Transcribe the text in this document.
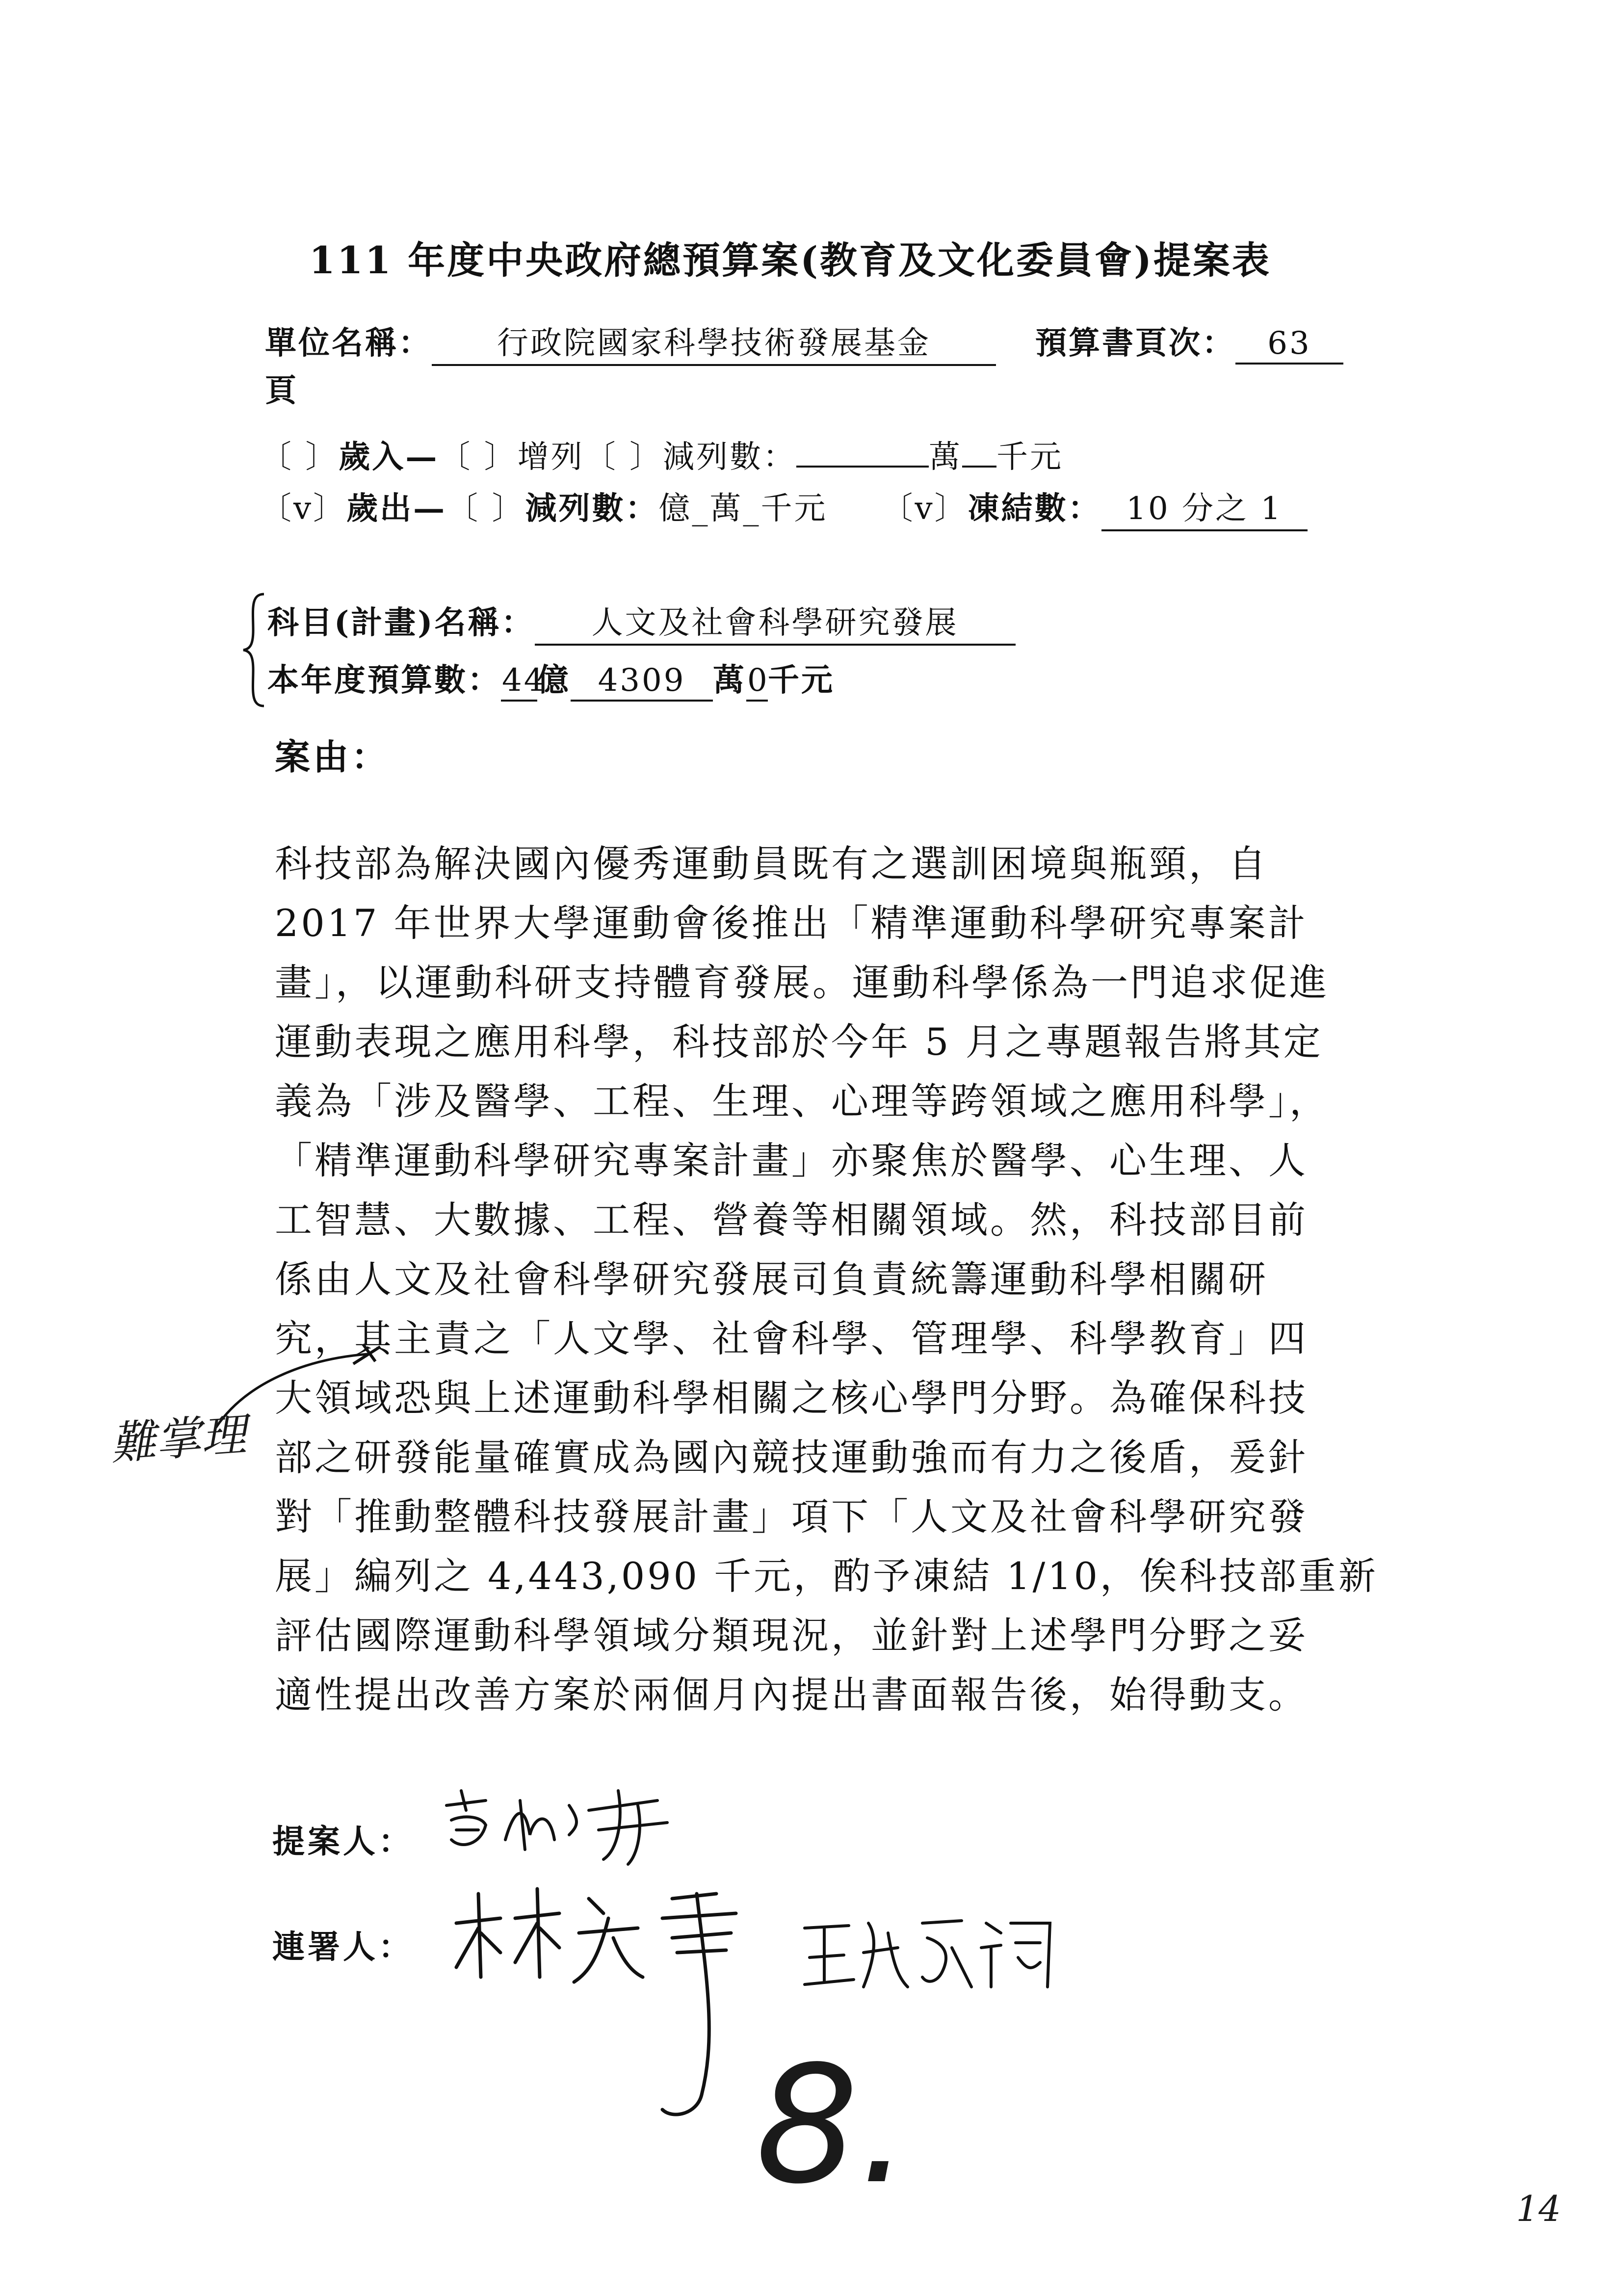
111 年度中央政府總預算案(教育及文化委員會)提案表
單位名稱： 行政院國家科學技術發展基金	預算書頁次： 63
頁
〔 〕歲入—〔 〕增列〔 〕減列數：	萬 千元
〔v〕歲出—〔 〕減列數：億_萬_千元 〔v〕凍結數： 10 分之 1
科目(計畫)名稱： 人文及社會科學研究發展
本年度預算數：44億 4309 萬0千元
案由：

科技部為解決國內優秀運動員既有之選訓困境與瓶頸，自

2017 年世界大學運動會後推出「精準運動科學研究專案計

畫」，以運動科研支持體育發展。運動科學係為一門追求促進

運動表現之應用科學，科技部於今年 5 月之專題報告將其定

義為「涉及醫學、工程、生理、心理等跨領域之應用科學」，

「精準運動科學研究專案計畫」亦聚焦於醫學、心生理、人

工智慧、大數據、工程、營養等相關領域。然，科技部目前

係由人文及社會科學研究發展司負責統籌運動科學相關研

究，其主責之「人文學、社會科學、管理學、科學教育」四

大領域恐與上述運動科學相關之核心學門分野。為確保科技

部之研發能量確實成為國內競技運動強而有力之後盾，爰針

對「推動整體科技發展計畫」項下「人文及社會科學研究發

展」編列之 4,443,090 千元，酌予凍結 1/10，俟科技部重新

評估國際運動科學領域分類現況，並針對上述學門分野之妥

適性提出改善方案於兩個月內提出書面報告後，始得動支。

難掌理
提案人：
連署人：
8.	14
